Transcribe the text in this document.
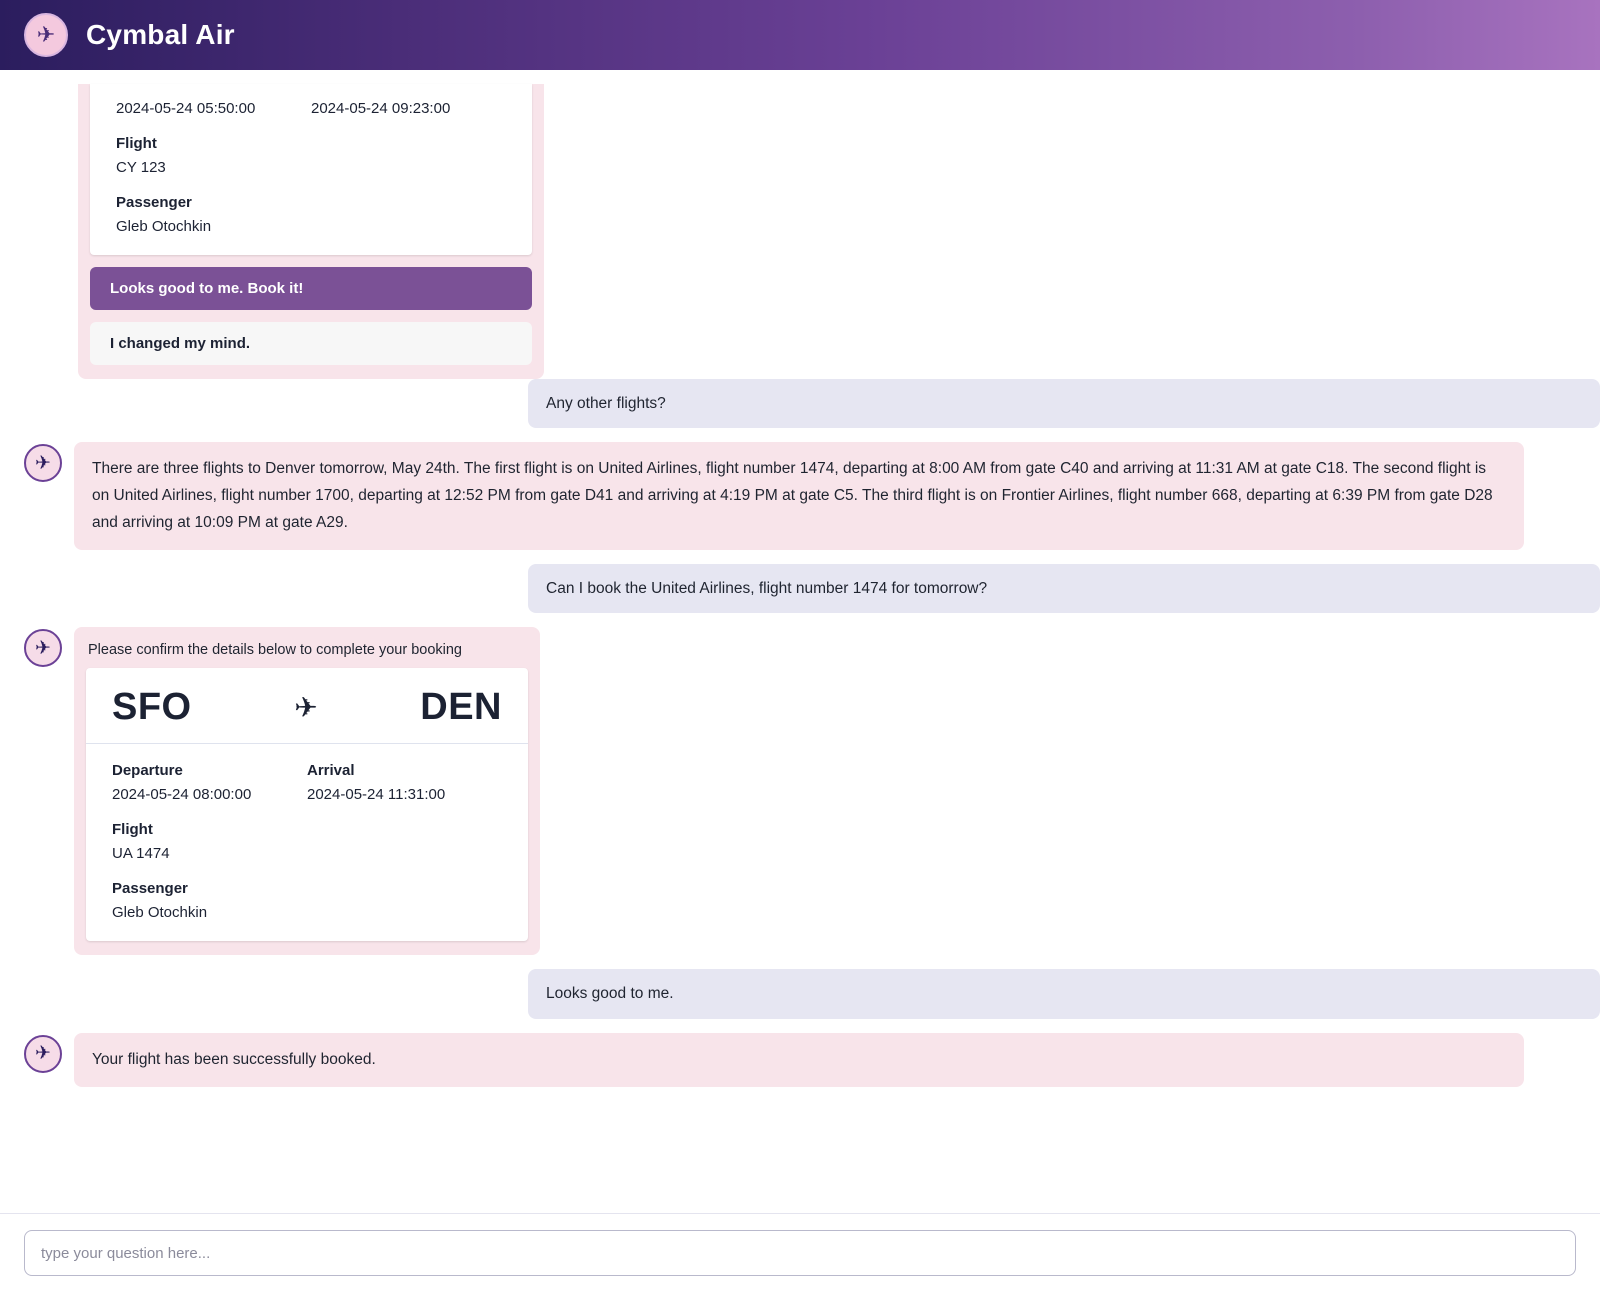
✈	Cymbal Air
2024-05-24 05:50:00	2024-05-24 09:23:00
Flight
CY 123
Passenger
Gleb Otochkin
Looks good to me. Book it!
I changed my mind.
Any other flights?
✈	There are three flights to Denver tomorrow, May 24th. The first flight is on United Airlines, flight number 1474, departing at 8:00 AM from gate C40 and arriving at 11:31 AM at gate C18. The second flight is on United Airlines, flight number 1700, departing at 12:52 PM from gate D41 and arriving at 4:19 PM at gate C5. The third flight is on Frontier Airlines, flight number 668, departing at 6:39 PM from gate D28 and arriving at 10:09 PM at gate A29.
Can I book the United Airlines, flight number 1474 for tomorrow?
✈	Please confirm the details below to complete your booking
SFO	✈	DEN
Departure
2024-05-24 08:00:00
Arrival
2024-05-24 11:31:00
Flight
UA 1474
Passenger
Gleb Otochkin
Looks good to me.
✈	Your flight has been successfully booked.
type your question here...
